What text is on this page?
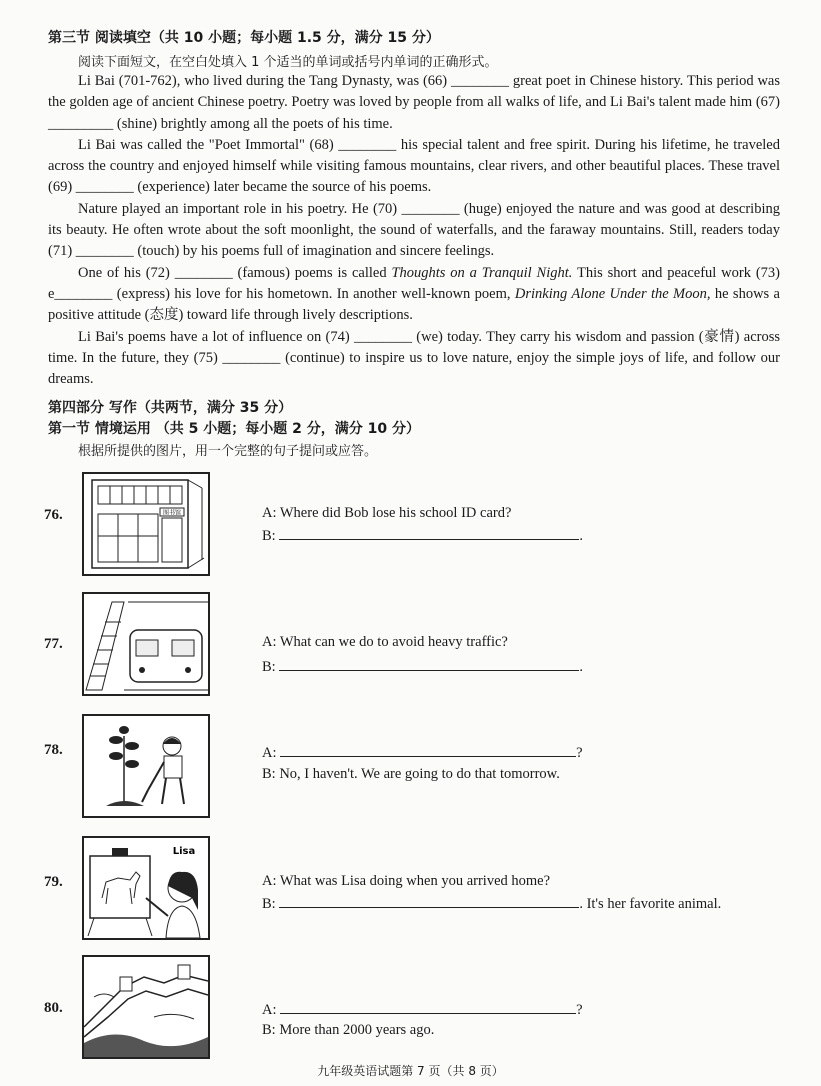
第三节 阅读填空（共 10 小题；每小题 1.5 分，满分 15 分）
阅读下面短文，在空白处填入 1 个适当的单词或括号内单词的正确形式。

Li Bai (701-762), who lived during the Tang Dynasty, was (66) ________ great poet in Chinese history. This period was the golden age of ancient Chinese poetry. Poetry was loved by people from all walks of life, and Li Bai's talent made him (67) _________ (shine) brightly among all the poets of his time.

Li Bai was called the "Poet Immortal" (68) ________ his special talent and free spirit. During his lifetime, he traveled across the country and enjoyed himself while visiting famous mountains, clear rivers, and other beautiful places. These travel (69) ________ (experience) later became the source of his poems.

Nature played an important role in his poetry. He (70) ________ (huge) enjoyed the nature and was good at describing its beauty. He often wrote about the soft moonlight, the sound of waterfalls, and the faraway mountains. Still, readers today (71) ________ (touch) by his poems full of imagination and sincere feelings.

One of his (72) ________ (famous) poems is called Thoughts on a Tranquil Night. This short and peaceful work (73) e________ (express) his love for his hometown. In another well-known poem, Drinking Alone Under the Moon, he shows a positive attitude (态度) toward life through lively descriptions.

Li Bai's poems have a lot of influence on (74) ________ (we) today. They carry his wisdom and passion (豪情) across time. In the future, they (75) ________ (continue) to inspire us to love nature, enjoy the simple joys of life, and follow our dreams.

第四部分 写作（共两节，满分 35 分）
第一节 情境运用 （共 5 小题；每小题 2 分，满分 10 分）
根据所提供的图片，用一个完整的句子提问或应答。
76.	图书馆	A: Where did Bob lose his school ID card?
B:	.
77.	A: What can we do to avoid heavy traffic?
B:	.
78.	A:	?
B: No, I haven't. We are going to do that tomorrow.
79.
Lisa
A: What was Lisa doing when you arrived home?
B:	. It's her favorite animal.
80.	A:	?
B: More than 2000 years ago.
九年级英语试题第 7 页（共 8 页）
